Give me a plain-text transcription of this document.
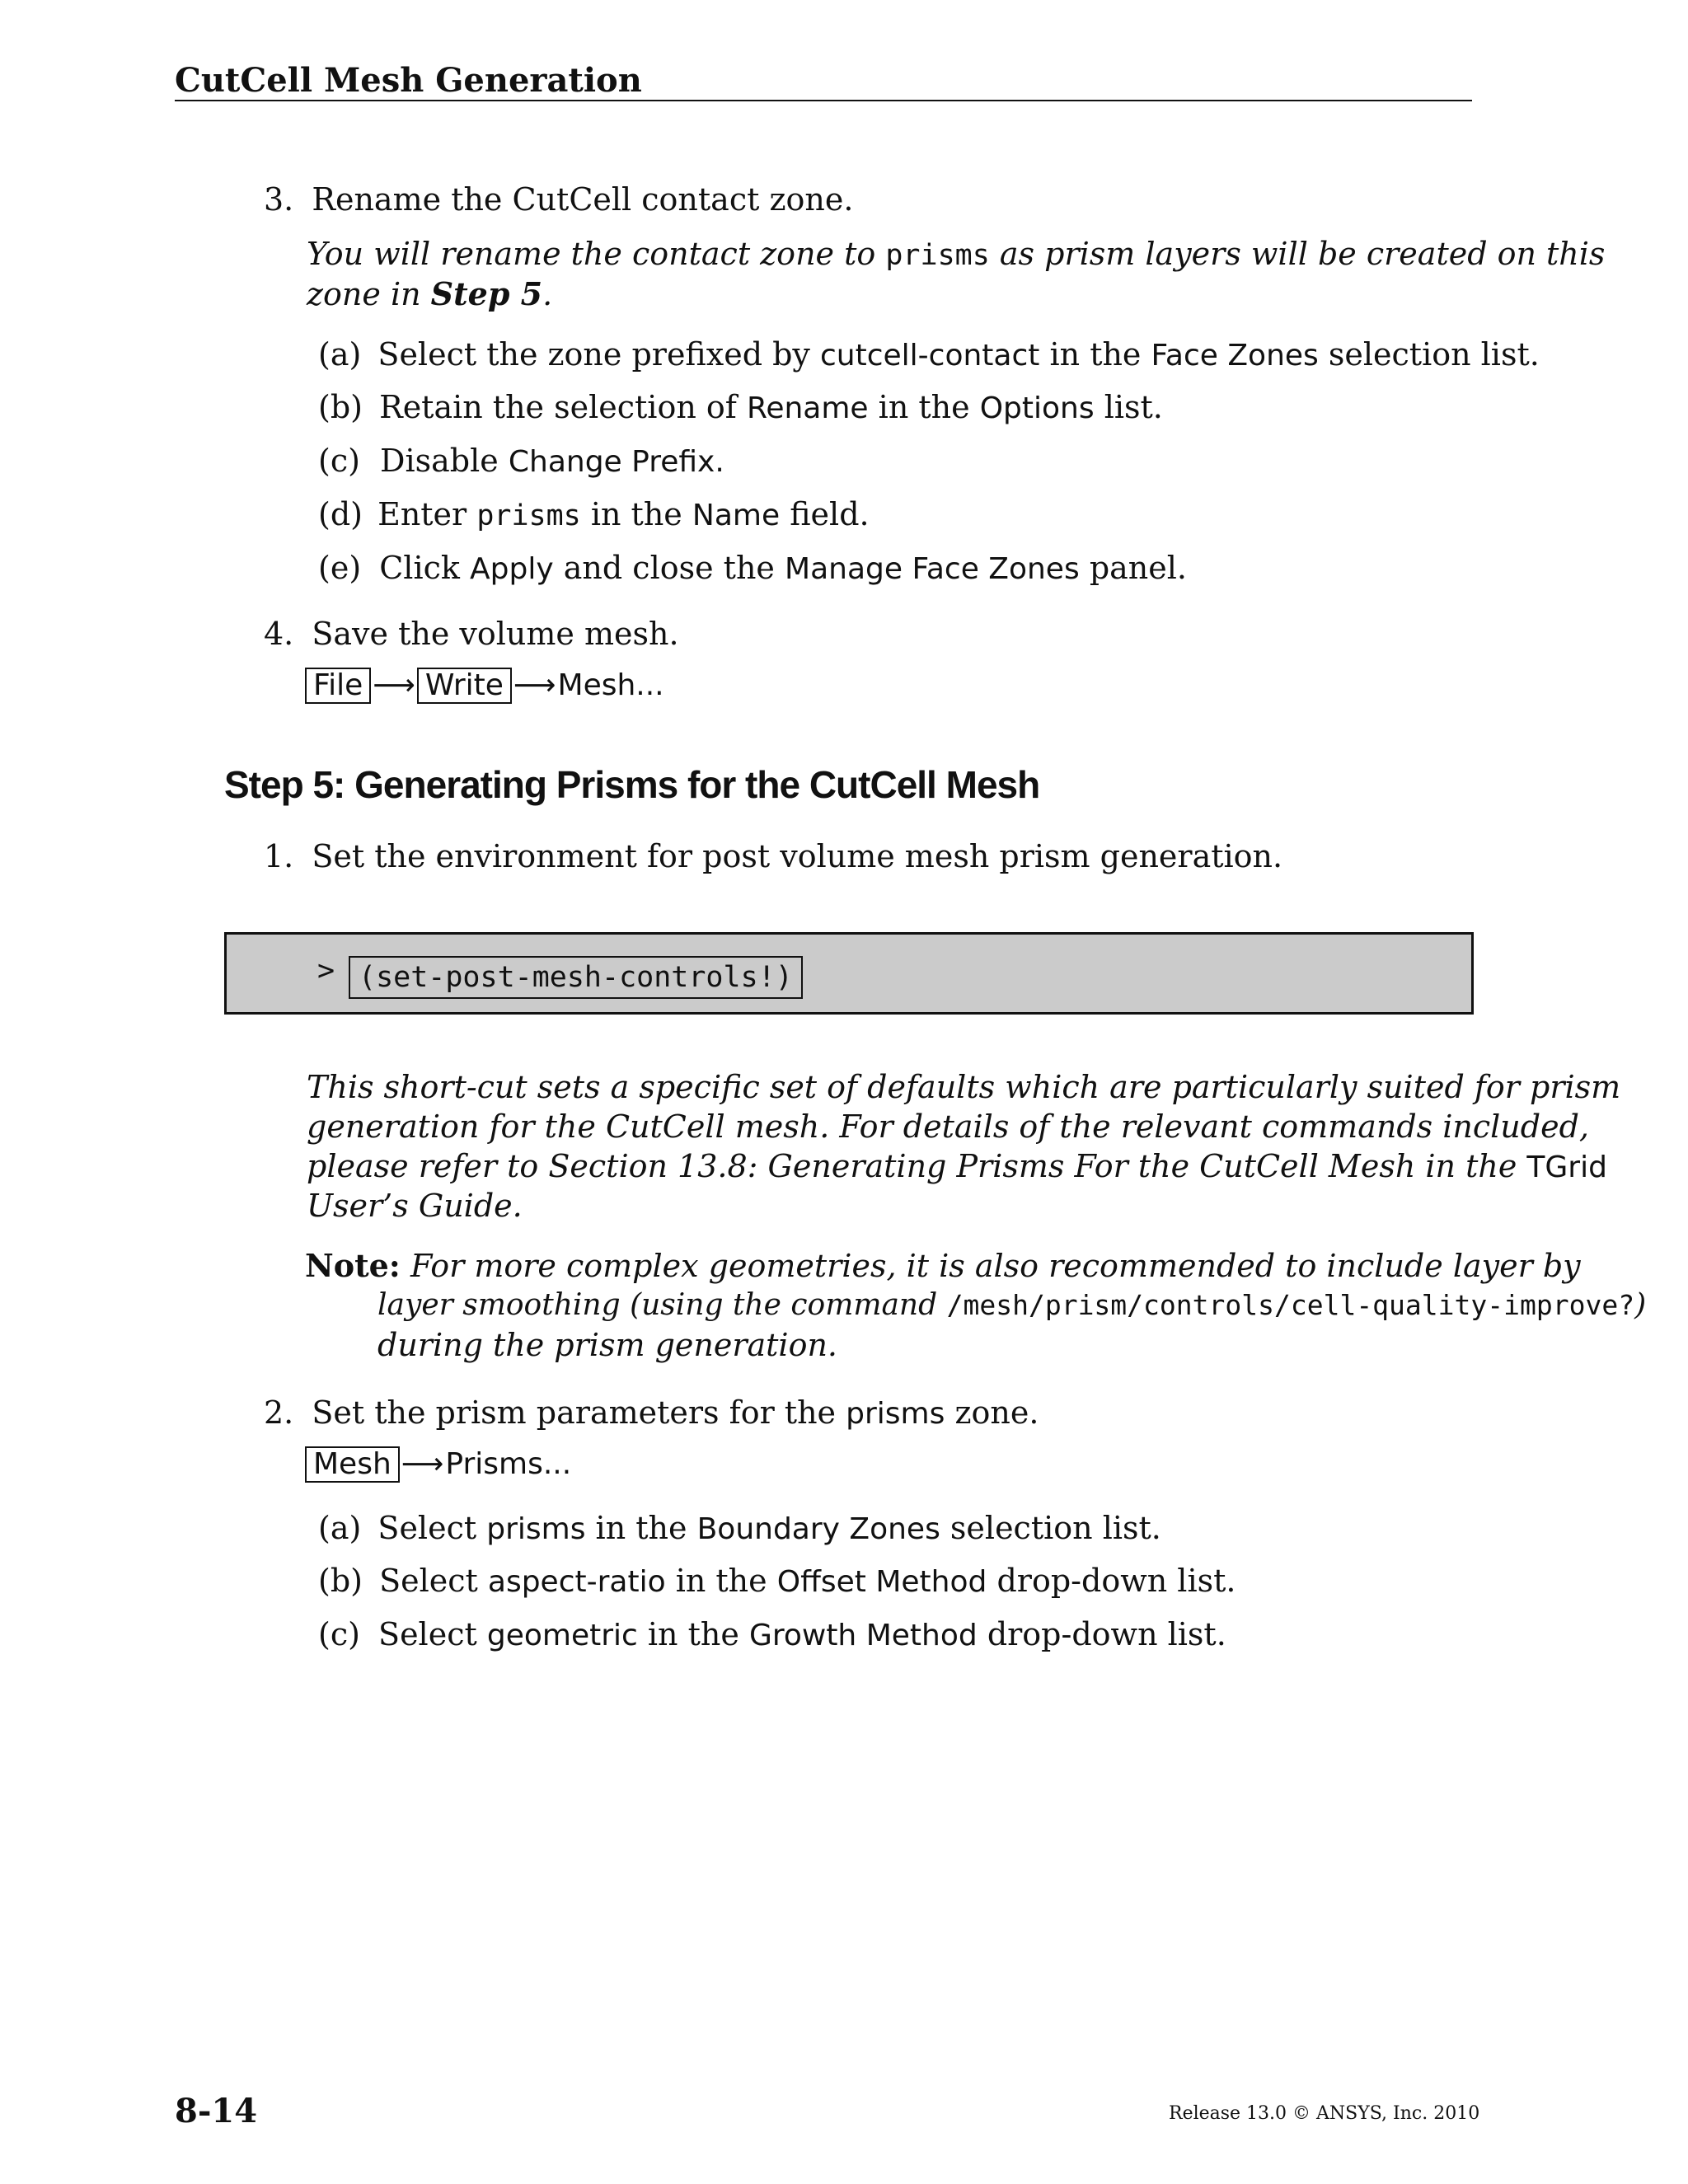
CutCell Mesh Generation
3. Rename the CutCell contact zone.
You will rename the contact zone to prisms as prism layers will be created on this
zone in Step 5.
(a) Select the zone prefixed by cutcell-contact in the Face Zones selection list.
(b) Retain the selection of Rename in the Options list.
(c) Disable Change Prefix.
(d) Enter prisms in the Name field.
(e) Click Apply and close the Manage Face Zones panel.
4. Save the volume mesh.
File ⟶ Write ⟶Mesh...
Step 5: Generating Prisms for the CutCell Mesh
1. Set the environment for post volume mesh prism generation.
> (set-post-mesh-controls!)
This short-cut sets a specific set of defaults which are particularly suited for prism
generation for the CutCell mesh. For details of the relevant commands included,
please refer to Section 13.8: Generating Prisms For the CutCell Mesh in the TGrid
User’s Guide.
Note: For more complex geometries, it is also recommended to include layer by
layer smoothing (using the command /mesh/prism/controls/cell-quality-improve?)
during the prism generation.
2. Set the prism parameters for the prisms zone.
Mesh ⟶Prisms...
(a) Select prisms in the Boundary Zones selection list.
(b) Select aspect-ratio in the Offset Method drop-down list.
(c) Select geometric in the Growth Method drop-down list.
8-14	Release 13.0 © ANSYS, Inc. 2010
